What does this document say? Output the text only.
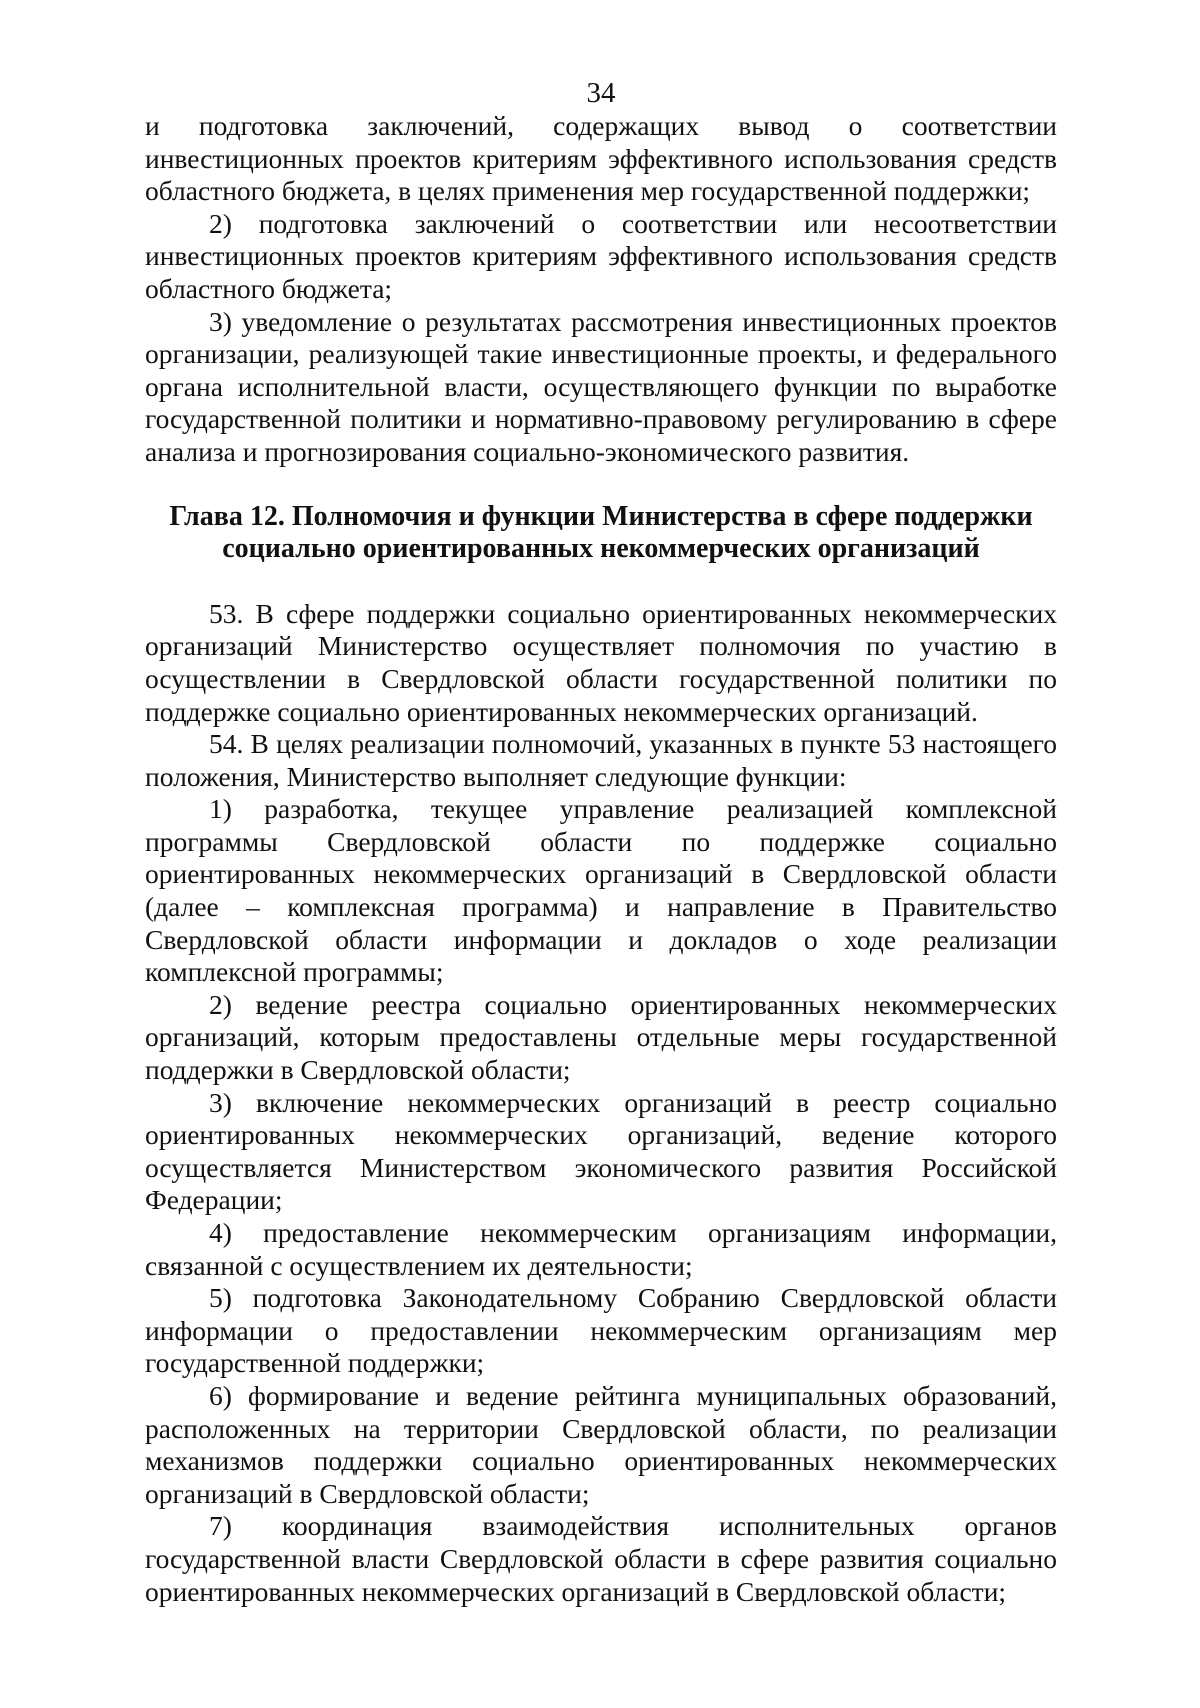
34

и подготовка заключений, содержащих вывод о соответствии инвестиционных проектов критериям эффективного использования средств областного бюджета, в целях применения мер государственной поддержки;

2) подготовка заключений о соответствии или несоответствии инвестиционных проектов критериям эффективного использования средств областного бюджета;

3) уведомление о результатах рассмотрения инвестиционных проектов организации, реализующей такие инвестиционные проекты, и федерального органа исполнительной власти, осуществляющего функции по выработке государственной политики и нормативно-правовому регулированию в сфере анализа и прогнозирования социально-экономического развития.

Глава 12. Полномочия и функции Министерства в сфере поддержки
социально ориентированных некоммерческих организаций

53. В сфере поддержки социально ориентированных некоммерческих организаций Министерство осуществляет полномочия по участию в осуществлении в Свердловской области государственной политики по поддержке социально ориентированных некоммерческих организаций.

54. В целях реализации полномочий, указанных в пункте 53 настоящего положения, Министерство выполняет следующие функции:

1) разработка, текущее управление реализацией комплексной программы Свердловской области по поддержке социально ориентированных некоммерческих организаций в Свердловской области (далее – комплексная программа) и направление в Правительство Свердловской области информации и докладов о ходе реализации комплексной программы;

2) ведение реестра социально ориентированных некоммерческих организаций, которым предоставлены отдельные меры государственной поддержки в Свердловской области;

3) включение некоммерческих организаций в реестр социально ориентированных некоммерческих организаций, ведение которого осуществляется Министерством экономического развития Российской Федерации;

4) предоставление некоммерческим организациям информации, связанной с осуществлением их деятельности;

5) подготовка Законодательному Собранию Свердловской области информации о предоставлении некоммерческим организациям мер государственной поддержки;

6) формирование и ведение рейтинга муниципальных образований, расположенных на территории Свердловской области, по реализации механизмов поддержки социально ориентированных некоммерческих организаций в Свердловской области;

7) координация взаимодействия исполнительных органов государственной власти Свердловской области в сфере развития социально ориентированных некоммерческих организаций в Свердловской области;
